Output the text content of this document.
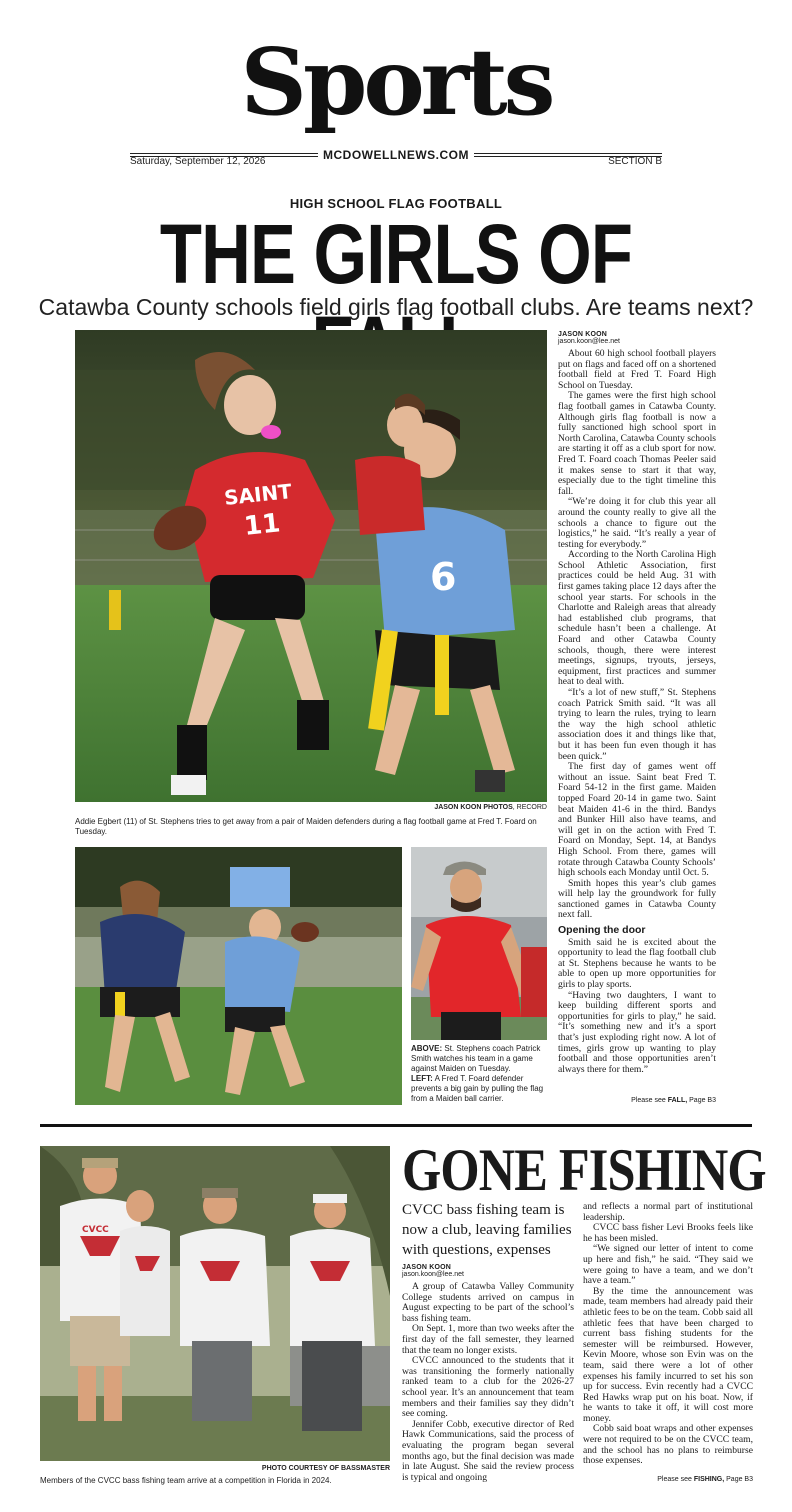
Sports
Saturday, September 12, 2026	MCDOWELLNEWS.COM	SECTION B
HIGH SCHOOL FLAG FOOTBALL
THE GIRLS OF
Catawba County schools field girls flag football clubs. Are teams next?
SAINT
11
6
JASON KOON PHOTOS, RECORD
Addie Egbert (11) of St. Stephens tries to get away from a pair of Maiden defenders during a flag football game at Fred T. Foard on Tuesday.
ABOVE: St. Stephens coach Patrick Smith watches his team in a game against Maiden on Tuesday.
LEFT: A Fred T. Foard defender prevents a big gain by pulling the flag from a Maiden ball carrier.
JASON KOON
jason.koon@lee.net

About 60 high school football players put on flags and faced off on a shortened football field at Fred T. Foard High School on Tuesday.

The games were the first high school flag football games in Catawba County. Although girls flag football is now a fully sanctioned high school sport in North Carolina, Catawba County schools are starting it off as a club sport for now. Fred T. Foard coach Thomas Peeler said it makes sense to start it that way, especially due to the tight timeline this fall.

“We’re doing it for club this year all around the county really to give all the schools a chance to figure out the logistics,” he said. “It’s really a year of testing for everybody.”

According to the North Carolina High School Athletic Association, first practices could be held Aug. 31 with first games taking place 12 days after the school year starts. For schools in the Charlotte and Raleigh areas that already had established club programs, that schedule hasn’t been a challenge. At Foard and other Catawba County schools, though, there were interest meetings, signups, tryouts, jerseys, equipment, first practices and summer heat to deal with.

“It’s a lot of new stuff,” St. Stephens coach Patrick Smith said. “It was all trying to learn the rules, trying to learn the way the high school athletic association does it and things like that, but it has been fun even though it has been quick.”

The first day of games went off without an issue. Saint beat Fred T. Foard 54-12 in the first game. Maiden topped Foard 20-14 in game two. Saint beat Maiden 41-6 in the third. Bandys and Bunker Hill also have teams, and will get in on the action with Fred T. Foard on Monday, Sept. 14, at Bandys High School. From there, games will rotate through Catawba County Schools’ high schools each Monday until Oct. 5.

Smith hopes this year’s club games will help lay the groundwork for fully sanctioned games in Catawba County next fall.

Opening the door

Smith said he is excited about the opportunity to lead the flag football club at St. Stephens because he wants to be able to open up more opportunities for girls to play sports.

“Having two daughters, I want to keep building different sports and opportunities for girls to play,” he said. “It’s something new and it’s a sport that’s just exploding right now. A lot of times, girls grow up wanting to play football and those opportunities aren’t always there for them.”

Please see FALL, Page B3
CVCC
PHOTO COURTESY OF BASSMASTER
Members of the CVCC bass fishing team arrive at a competition in Florida in 2024.
GONE FISHING
CVCC bass fishing team is now a club, leaving families with questions, expenses
JASON KOON
jason.koon@lee.net

A group of Catawba Valley Community College students arrived on campus in August expecting to be part of the school’s bass fishing team.

On Sept. 1, more than two weeks after the first day of the fall semester, they learned that the team no longer exists.

CVCC announced to the students that it was transitioning the formerly nationally ranked team to a club for the 2026-27 school year. It’s an announcement that team members and their families say they didn’t see coming.

Jennifer Cobb, executive director of Red Hawk Communications, said the process of evaluating the program began several months ago, but the final decision was made in late August. She said the review process is typical and ongoing

and reflects a normal part of institutional leadership.

CVCC bass fisher Levi Brooks feels like he has been misled.

“We signed our letter of intent to come up here and fish,” he said. “They said we were going to have a team, and we don’t have a team.”

By the time the announcement was made, team members had already paid their athletic fees to be on the team. Cobb said all athletic fees that have been charged to current bass fishing students for the semester will be reimbursed. However, Kevin Moore, whose son Evin was on the team, said there were a lot of other expenses his family incurred to set his son up for success. Evin recently had a CVCC Red Hawks wrap put on his boat. Now, if he wants to take it off, it will cost more money.

Cobb said boat wraps and other expenses were not required to be on the CVCC team, and the school has no plans to reimburse those expenses.

Please see FISHING, Page B3
